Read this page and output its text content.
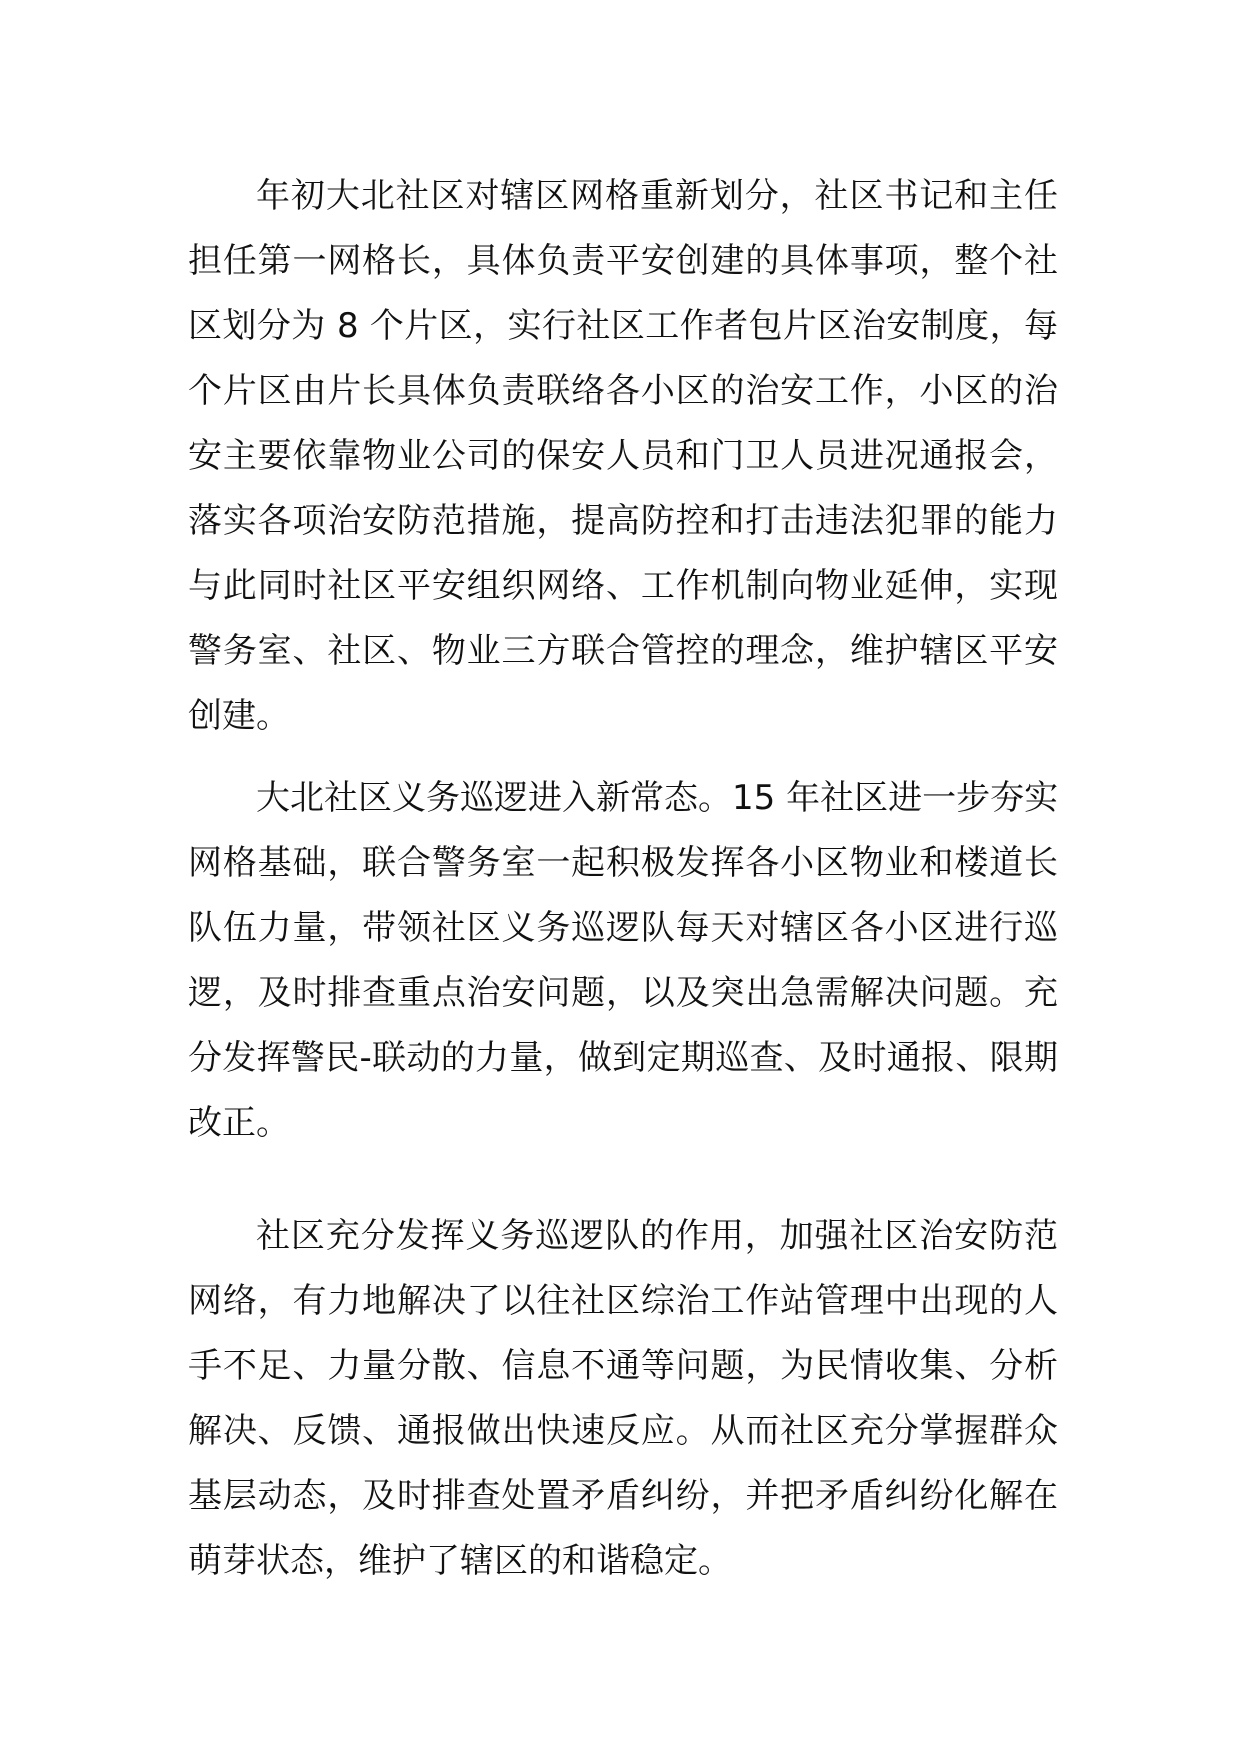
年初大北社区对辖区网格重新划分，社区书记和主任
担任第一网格长，具体负责平安创建的具体事项，整个社
区划分为 8 个片区，实行社区工作者包片区治安制度，每
个片区由片长具体负责联络各小区的治安工作，小区的治
安主要依靠物业公司的保安人员和门卫人员进况通报会，
落实各项治安防范措施，提高防控和打击违法犯罪的能力
与此同时社区平安组织网络、工作机制向物业延伸，实现
警务室、社区、物业三方联合管控的理念，维护辖区平安
创建。
大北社区义务巡逻进入新常态。15 年社区进一步夯实
网格基础，联合警务室一起积极发挥各小区物业和楼道长
队伍力量，带领社区义务巡逻队每天对辖区各小区进行巡
逻，及时排查重点治安问题，以及突出急需解决问题。充
分发挥警民-联动的力量，做到定期巡查、及时通报、限期
改正。
社区充分发挥义务巡逻队的作用，加强社区治安防范
网络，有力地解决了以往社区综治工作站管理中出现的人
手不足、力量分散、信息不通等问题，为民情收集、分析
解决、反馈、通报做出快速反应。从而社区充分掌握群众
基层动态，及时排查处置矛盾纠纷，并把矛盾纠纷化解在
萌芽状态，维护了辖区的和谐稳定。
